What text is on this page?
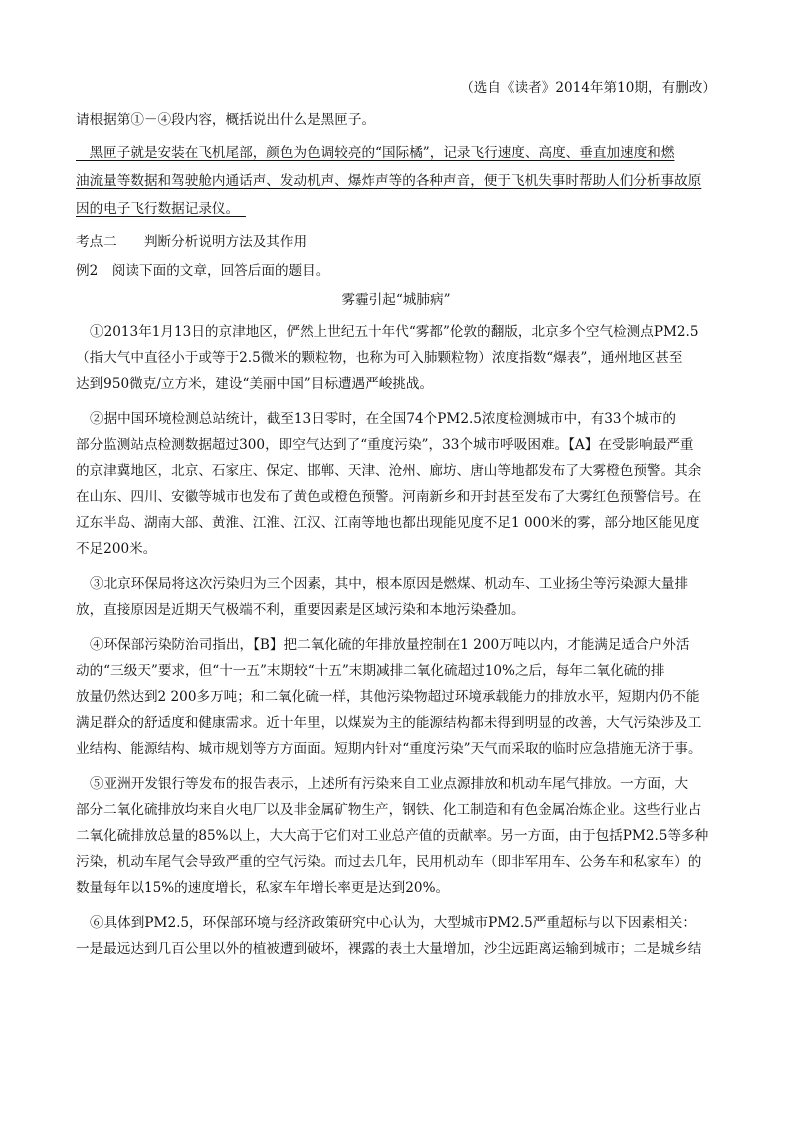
（选自《读者》2014年第10期，有删改）
请根据第①－④段内容，概括说出什么是黑匣子。
　黑匣子就是安装在飞机尾部，颜色为色调较亮的“国际橘”，记录飞行速度、高度、垂直加速度和燃
油流量等数据和驾驶舱内通话声、发动机声、爆炸声等的各种声音，便于飞机失事时帮助人们分析事故原
因的电子飞行数据记录仪。　
考点二　　判断分析说明方法及其作用
例2　阅读下面的文章，回答后面的题目。
雾霾引起“城肺病”
①2013年1月13日的京津地区，俨然上世纪五十年代“雾都”伦敦的翻版，北京多个空气检测点PM2.5
（指大气中直径小于或等于2.5微米的颗粒物，也称为可入肺颗粒物）浓度指数“爆表”，通州地区甚至
达到950微克/立方米，建设“美丽中国”目标遭遇严峻挑战。
②据中国环境检测总站统计，截至13日零时，在全国74个PM2.5浓度检测城市中，有33个城市的
部分监测站点检测数据超过300，即空气达到了“重度污染”，33个城市呼吸困难。【A】在受影响最严重
的京津冀地区，北京、石家庄、保定、邯郸、天津、沧州、廊坊、唐山等地都发布了大雾橙色预警。其余
在山东、四川、安徽等城市也发布了黄色或橙色预警。河南新乡和开封甚至发布了大雾红色预警信号。在
辽东半岛、湖南大部、黄淮、江淮、江汉、江南等地也都出现能见度不足1 000米的雾，部分地区能见度
不足200米。
③北京环保局将这次污染归为三个因素，其中，根本原因是燃煤、机动车、工业扬尘等污染源大量排
放，直接原因是近期天气极端不利，重要因素是区域污染和本地污染叠加。
④环保部污染防治司指出，【B】把二氧化硫的年排放量控制在1 200万吨以内，才能满足适合户外活
动的“三级天”要求，但“十一五”末期较“十五”末期减排二氧化硫超过10%之后，每年二氧化硫的排
放量仍然达到2 200多万吨；和二氧化硫一样，其他污染物超过环境承载能力的排放水平，短期内仍不能
满足群众的舒适度和健康需求。近十年里，以煤炭为主的能源结构都未得到明显的改善，大气污染涉及工
业结构、能源结构、城市规划等方方面面。短期内针对“重度污染”天气而采取的临时应急措施无济于事。
⑤亚洲开发银行等发布的报告表示，上述所有污染来自工业点源排放和机动车尾气排放。一方面，大
部分二氧化硫排放均来自火电厂以及非金属矿物生产，钢铁、化工制造和有色金属冶炼企业。这些行业占
二氧化硫排放总量的85%以上，大大高于它们对工业总产值的贡献率。另一方面，由于包括PM2.5等多种
污染，机动车尾气会导致严重的空气污染。而过去几年，民用机动车（即非军用车、公务车和私家车）的
数量每年以15%的速度增长，私家车年增长率更是达到20%。
⑥具体到PM2.5，环保部环境与经济政策研究中心认为，大型城市PM2.5严重超标与以下因素相关：
一是最远达到几百公里以外的植被遭到破坏，裸露的表土大量增加，沙尘远距离运输到城市；二是城乡结
